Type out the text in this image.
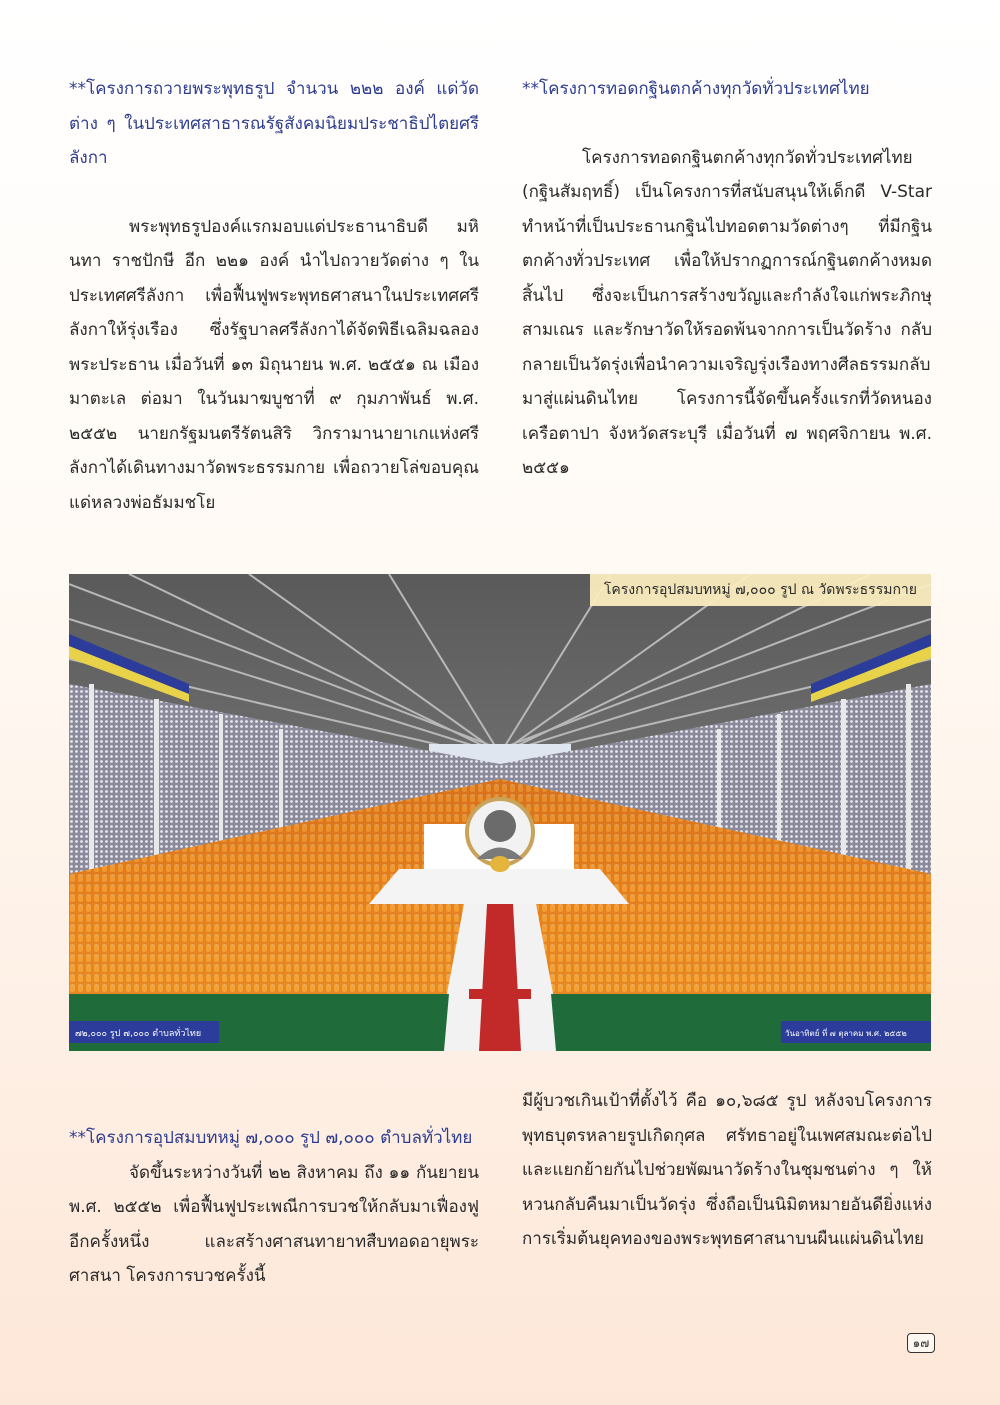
**โครงการถวายพระพุทธรูป จำนวน ๒๒๒ องค์ แด่วัดต่าง ๆ ในประเทศสาธารณรัฐสังคมนิยมประชาธิปไตยศรีลังกา

พระพุทธรูปองค์แรกมอบแด่ประธานาธิบดี มหินทา ราชปักษี อีก ๒๒๑ องค์ นำไปถวายวัดต่าง ๆ ในประเทศศรีลังกา เพื่อฟื้นฟูพระพุทธศาสนาในประเทศศรีลังกาให้รุ่งเรือง ซึ่งรัฐบาลศรีลังกาได้จัดพิธีเฉลิมฉลองพระประธาน เมื่อวันที่ ๑๓ มิถุนายน พ.ศ. ๒๕๕๑ ณ เมืองมาตะเล ต่อมา ในวันมาฆบูชาที่ ๙ กุมภาพันธ์ พ.ศ. ๒๕๕๒ นายกรัฐมนตรีรัตนสิริ วิกรามานายาเกแห่งศรีลังกาได้เดินทางมาวัดพระธรรมกาย เพื่อถวายโล่ขอบคุณแด่หลวงพ่อธัมมชโย

**โครงการทอดกฐินตกค้างทุกวัดทั่วประเทศไทย

โครงการทอดกฐินตกค้างทุกวัดทั่วประเทศไทย (กฐินสัมฤทธิ์) เป็นโครงการที่สนับสนุนให้เด็กดี V-Star ทำหน้าที่เป็นประธานกฐินไปทอดตามวัดต่างๆ ที่มีกฐินตกค้างทั่วประเทศ เพื่อให้ปรากฏการณ์กฐินตกค้างหมดสิ้นไป ซึ่งจะเป็นการสร้างขวัญและกำลังใจแก่พระภิกษุ สามเณร และรักษาวัดให้รอดพ้นจากการเป็นวัดร้าง กลับกลายเป็นวัดรุ่งเพื่อนำความเจริญรุ่งเรืองทางศีลธรรมกลับมาสู่แผ่นดินไทย โครงการนี้จัดขึ้นครั้งแรกที่วัดหนองเครือตาปา จังหวัดสระบุรี เมื่อวันที่ ๗ พฤศจิกายน พ.ศ. ๒๕๕๑

๗๒,๐๐๐ รูป ๗,๐๐๐ ตำบลทั่วไทย	วันอาทิตย์ ที่ ๗ ตุลาคม พ.ศ. ๒๕๕๒
โครงการอุปสมบทหมู่ ๗,๐๐๐ รูป ณ วัดพระธรรมกาย

**โครงการอุปสมบทหมู่ ๗,๐๐๐ รูป ๗,๐๐๐ ตำบลทั่วไทย

จัดขึ้นระหว่างวันที่ ๒๒ สิงหาคม ถึง ๑๑ กันยายน พ.ศ. ๒๕๕๒ เพื่อฟื้นฟูประเพณีการบวชให้กลับมาเฟื่องฟูอีกครั้งหนึ่ง และสร้างศาสนทายาทสืบทอดอายุพระศาสนา โครงการบวชครั้งนี้

มีผู้บวชเกินเป้าที่ตั้งไว้ คือ ๑๐,๖๘๕ รูป หลังจบโครงการพุทธบุตรหลายรูปเกิดกุศล ศรัทธาอยู่ในเพศสมณะต่อไป และแยกย้ายกันไปช่วยพัฒนาวัดร้างในชุมชนต่าง ๆ ให้หวนกลับคืนมาเป็นวัดรุ่ง ซึ่งถือเป็นนิมิตหมายอันดียิ่งแห่งการเริ่มต้นยุคทองของพระพุทธศาสนาบนผืนแผ่นดินไทย

๑๗
